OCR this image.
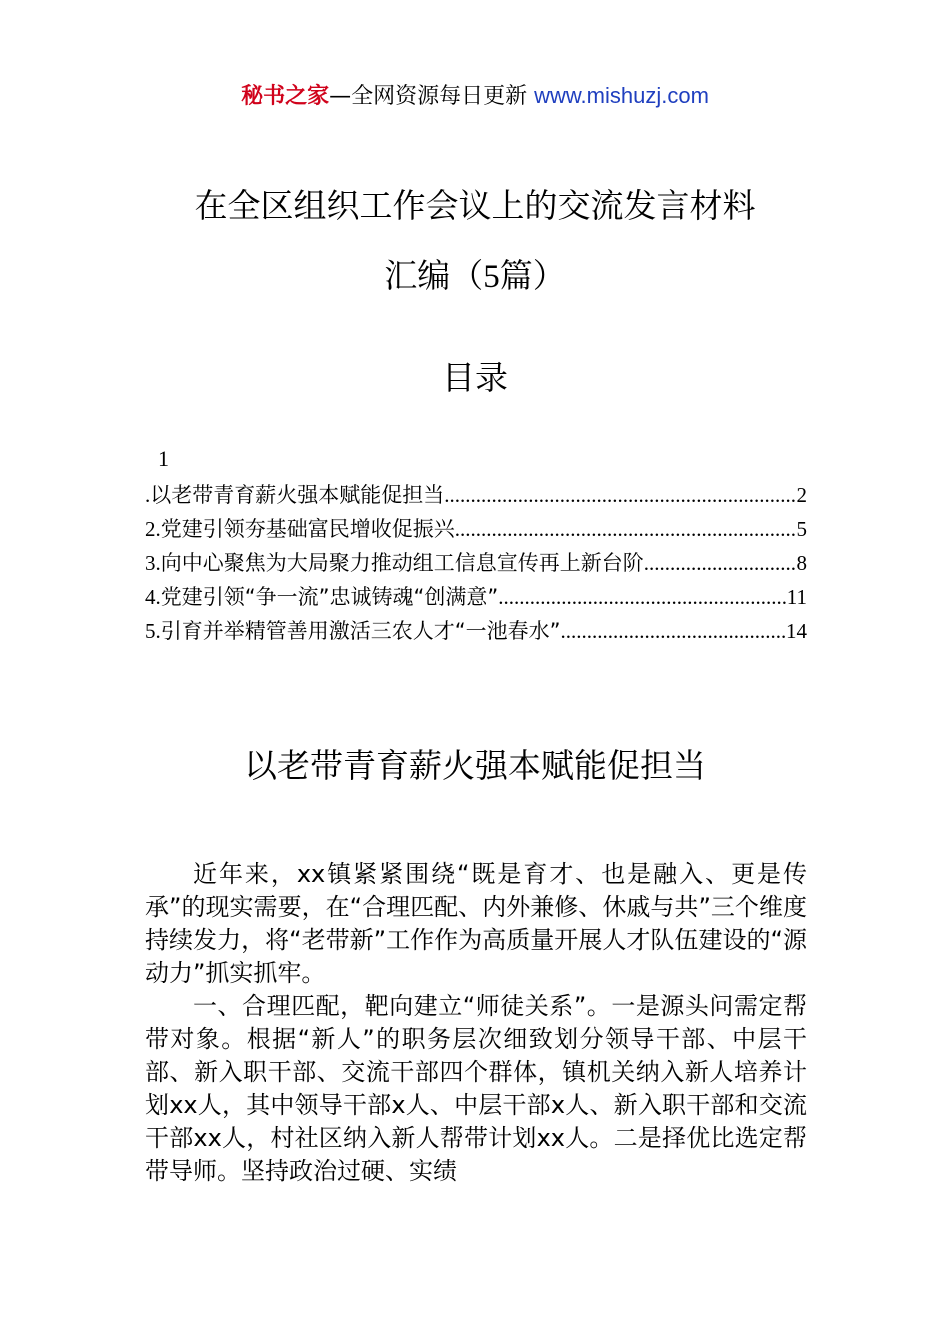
秘书之家—全网资源每日更新 www.mishuzj.com
在全区组织工作会议上的交流发言材料
汇编（5篇）
目录
1
.以老带青育薪火强本赋能促担当 .....	2
2.党建引领夯基础富民增收促振兴 .....	5
3.向中心聚焦为大局聚力推动组工信息宣传再上新台阶 .....	8
4.党建引领“争一流”忠诚铸魂“创满意” .....	11
5.引育并举精管善用激活三农人才“一池春水” .....	14
以老带青育薪火强本赋能促担当

近年来，xx镇紧紧围绕“既是育才、也是融入、更是传承”的现实需要，在“合理匹配、内外兼修、休戚与共”三个维度持续发力，将“老带新”工作作为高质量开展人才队伍建设的“源动力”抓实抓牢。

一、合理匹配，靶向建立“师徒关系”。一是源头问需定帮带对象。根据“新人”的职务层次细致划分领导干部、中层干部、新入职干部、交流干部四个群体，镇机关纳入新人培养计划xx人，其中领导干部x人、中层干部x人、新入职干部和交流干部xx人，村社区纳入新人帮带计划xx人。二是择优比选定帮带导师。坚持政治过硬、实绩
